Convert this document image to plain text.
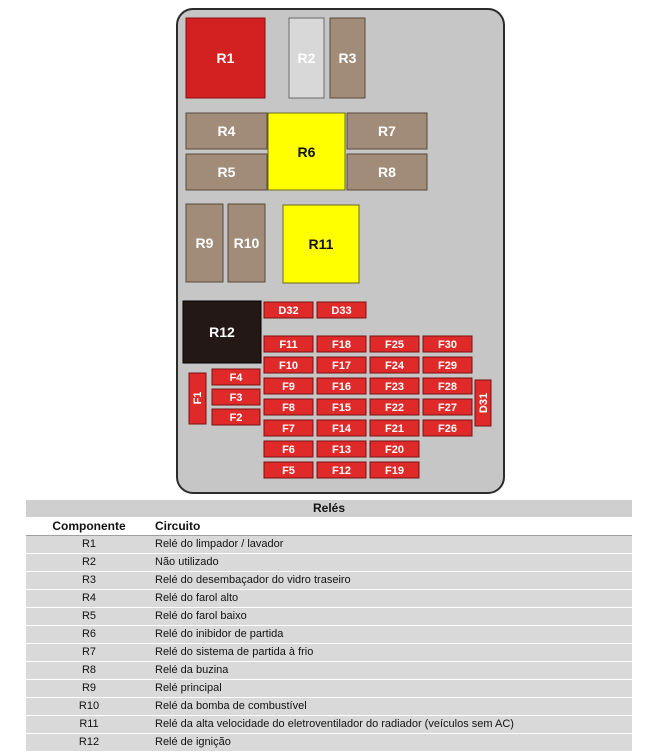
R1	R2 R3
R4
R5
R6
R7
R8
R9 R10	R11
R12
D32	D33
D31
F1
F4
F3
F2
F11
F10
F9
F8
F7
F6
F5
F18
F17
F16
F15
F14
F13
F12
F25
F24
F23
F22
F21
F20
F19
F30
F29
F28
F27
F26
Relés	
Componente	Circuito
R1	Relé do limpador / lavador
R2	Não utilizado
R3	Relé do desembaçador do vidro traseiro
R4	Relé do farol alto
R5	Relé do farol baixo
R6	Relé do inibidor de partida
R7	Relé do sistema de partida à frio
R8	Relé da buzina
R9	Relé principal
R10	Relé da bomba de combustível
R11	Relé da alta velocidade do eletroventilador do radiador (veículos sem AC)
R12	Relé de ignição
